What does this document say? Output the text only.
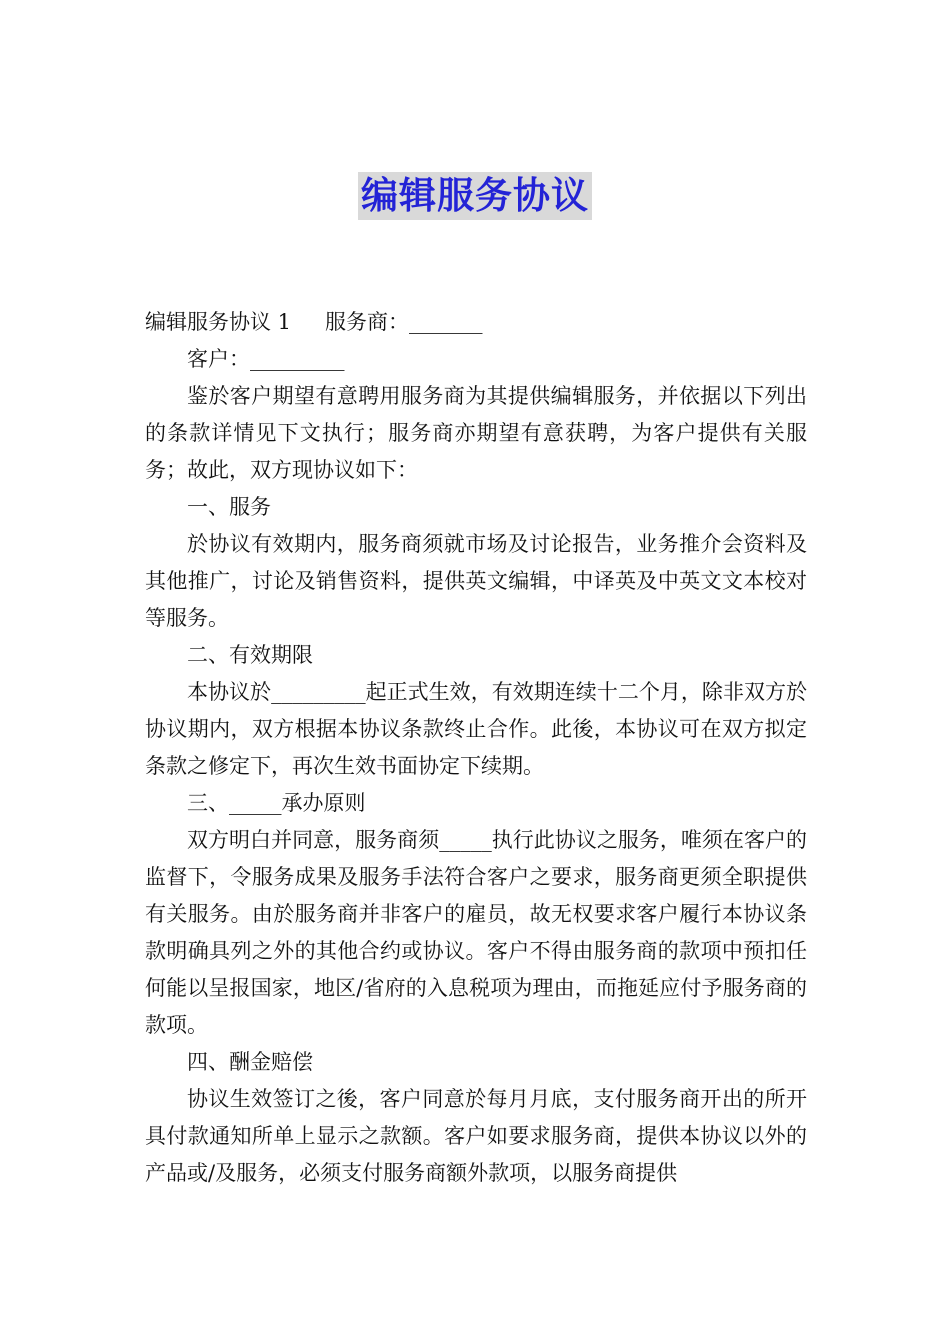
编辑服务协议

编辑服务协议 1 服务商：_______

客户：_________

鉴於客户期望有意聘用服务商为其提供编辑服务，并依据以下列出的条款详情见下文执行；服务商亦期望有意获聘，为客户提供有关服务；故此，双方现协议如下：

一、服务

於协议有效期内，服务商须就市场及讨论报告，业务推介会资料及其他推广，讨论及销售资料，提供英文编辑，中译英及中英文文本校对等服务。

二、有效期限

本协议於_________起正式生效，有效期连续十二个月，除非双方於协议期内，双方根据本协议条款终止合作。此後，本协议可在双方拟定条款之修定下，再次生效书面协定下续期。

三、_____承办原则

双方明白并同意，服务商须_____执行此协议之服务，唯须在客户的监督下，令服务成果及服务手法符合客户之要求，服务商更须全职提供有关服务。由於服务商并非客户的雇员，故无权要求客户履行本协议条款明确具列之外的其他合约或协议。客户不得由服务商的款项中预扣任何能以呈报国家，地区/省府的入息税项为理由，而拖延应付予服务商的款项。

四、酬金赔偿

协议生效签订之後，客户同意於每月月底，支付服务商开出的所开具付款通知所单上显示之款额。客户如要求服务商，提供本协议以外的产品或/及服务，必须支付服务商额外款项，以服务商提供
